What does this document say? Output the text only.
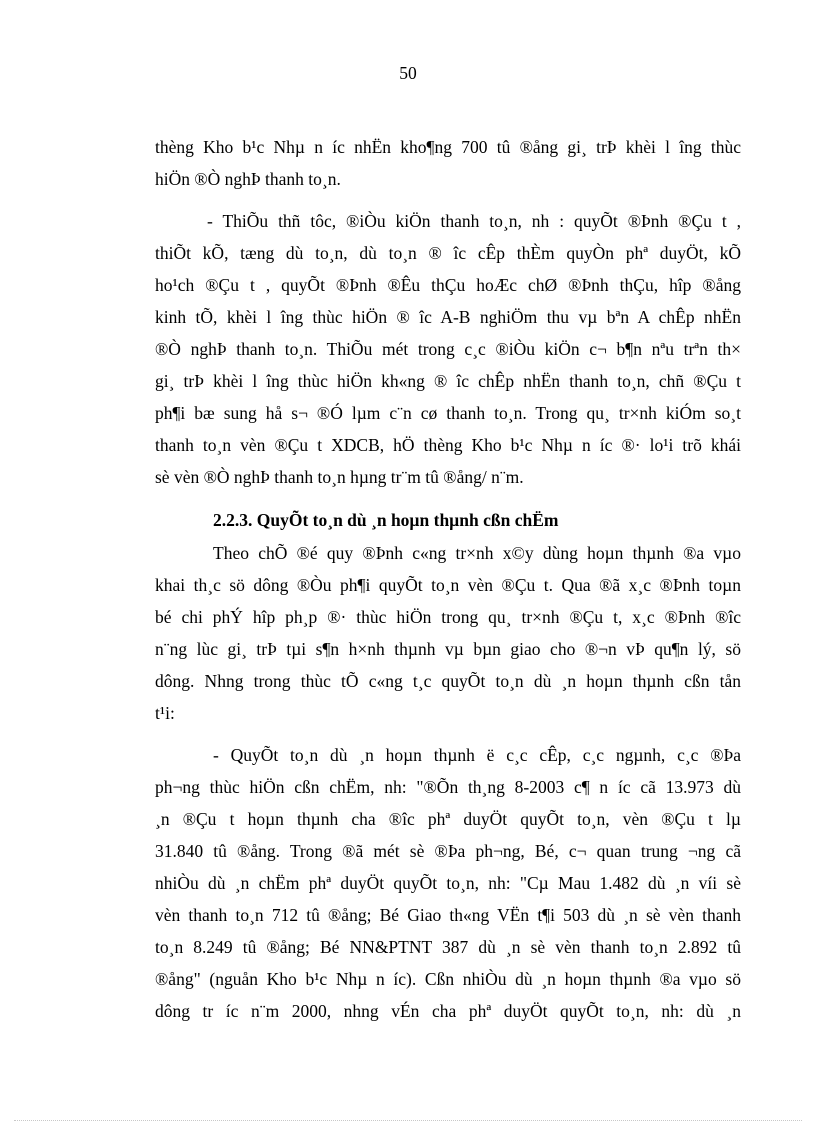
50
thèng Kho b¹c Nhµ n íc nhËn kho¶ng 700 tû ®ång gi¸ trÞ khèi l îng thùc
hiÖn ®Ò nghÞ thanh to¸n.
- ThiÕu thñ tôc, ®iÒu kiÖn thanh to¸n, nh : quyÕt ®Þnh ®Çu t ,
thiÕt kÕ, tæng dù to¸n, dù to¸n ® îc cÊp thÈm quyÒn phª duyÖt, kÕ
ho¹ch ®Çu t , quyÕt ®Þnh ®Êu thÇu hoÆc chØ ®Þnh thÇu, hîp ®ång
kinh tÕ, khèi l îng thùc hiÖn ® îc A-B nghiÖm thu vµ bªn A chÊp nhËn
®Ò nghÞ thanh to¸n. ThiÕu mét trong c¸c ®iÒu kiÖn c¬ b¶n nªu trªn th×
gi¸ trÞ khèi l îng thùc hiÖn kh«ng ® îc chÊp nhËn thanh to¸n, chñ ®Çu t
ph¶i bæ sung hå s¬ ®Ó lµm c¨n cø thanh to¸n. Trong qu¸ tr×nh kiÓm so¸t
thanh to¸n vèn ®Çu t XDCB, hÖ thèng Kho b¹c Nhµ n íc ®· lo¹i trõ khái
sè vèn ®Ò nghÞ thanh to¸n hµng tr¨m tû ®ång/ n¨m.
2.2.3. QuyÕt to¸n dù ¸n hoµn thµnh cßn chËm
Theo chÕ ®é quy ®Þnh c«ng tr×nh x©y dùng hoµn thµnh ®a vµo
khai th¸c sö dông ®Òu ph¶i quyÕt to¸n vèn ®Çu t. Qua ®ã x¸c ®Þnh toµn
bé chi phÝ hîp ph¸p ®· thùc hiÖn trong qu¸ tr×nh ®Çu t, x¸c ®Þnh ®îc
n¨ng lùc gi¸ trÞ tµi s¶n h×nh thµnh vµ bµn giao cho ®¬n vÞ qu¶n lý, sö
dông. Nhng trong thùc tÕ c«ng t¸c quyÕt to¸n dù ¸n hoµn thµnh cßn tån
t¹i:
- QuyÕt to¸n dù ¸n hoµn thµnh ë c¸c cÊp, c¸c ngµnh, c¸c ®Þa
ph¬ng thùc hiÖn cßn chËm, nh: "®Õn th¸ng 8-2003 c¶ n íc cã 13.973 dù
¸n ®Çu t hoµn thµnh cha ®îc phª duyÖt quyÕt to¸n, vèn ®Çu t lµ
31.840 tû ®ång. Trong ®ã mét sè ®Þa ph¬ng, Bé, c¬ quan trung ¬ng cã
nhiÒu dù ¸n chËm phª duyÖt quyÕt to¸n, nh: "Cµ Mau 1.482 dù ¸n víi sè
vèn thanh to¸n 712 tû ®ång; Bé Giao th«ng VËn t¶i 503 dù ¸n sè vèn thanh
to¸n 8.249 tû ®ång; Bé NN&PTNT 387 dù ¸n sè vèn thanh to¸n 2.892 tû
®ång" (nguån Kho b¹c Nhµ n íc). Cßn nhiÒu dù ¸n hoµn thµnh ®a vµo sö
dông tr íc n¨m 2000, nhng vÉn cha phª duyÖt quyÕt to¸n, nh: dù ¸n
